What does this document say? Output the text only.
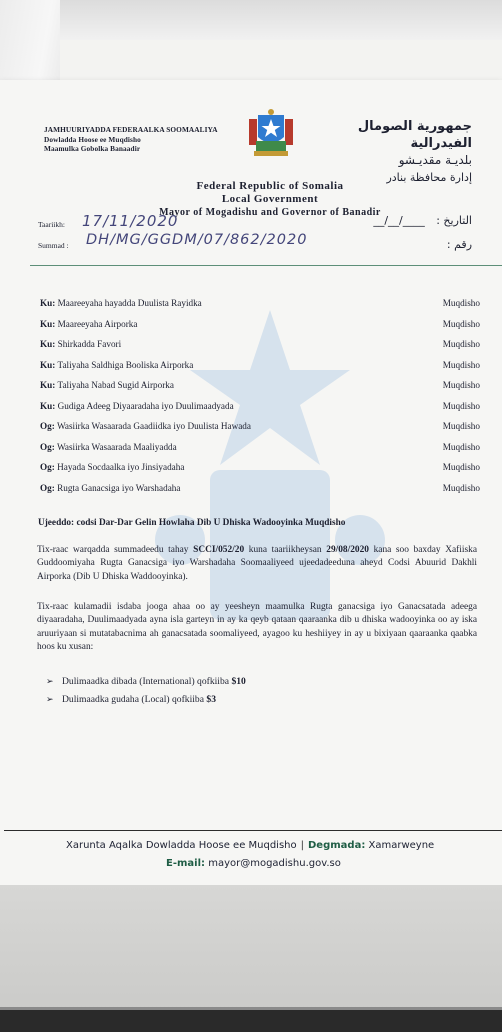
JAMHUURIYADDA FEDERAALKA SOOMAALIYA
Dowladda Hoose ee Muqdisho
Maamulka Gobolka Banaadir
جمهورية الصومال الفيدرالية
بلديـة مقديـشو
إدارة محافظة بنادر
Federal Republic of Somalia
Local Government
Mayor of Mogadishu and Governor of Banadir
Taariikh: 17/11/2020
Summad : DH/MG/GGDM/07/862/2020
التاريخ : __/__/____
رقم :
Ku: Maareeyaha hayadda Duulista Rayidka	Muqdisho
Ku: Maareeyaha Airporka	Muqdisho
Ku: Shirkadda Favori	Muqdisho
Ku: Taliyaha Saldhiga Booliska Airporka	Muqdisho
Ku: Taliyaha Nabad Sugid Airporka	Muqdisho
Ku: Gudiga Adeeg Diyaaradaha iyo Duulimaadyada	Muqdisho
Og: Wasiirka Wasaarada Gaadiidka iyo Duulista Hawada	Muqdisho
Og: Wasiirka Wasaarada Maaliyadda	Muqdisho
Og: Hayada Socdaalka iyo Jinsiyadaha	Muqdisho
Og: Rugta Ganacsiga iyo Warshadaha	Muqdisho
Ujeeddo: codsi Dar-Dar Gelin Howlaha Dib U Dhiska Wadooyinka Muqdisho
Tix-raac warqadda summadeedu tahay SCCI/052/20 kuna taariikheysan 29/08/2020 kana soo baxday Xafiiska Guddoomiyaha Rugta Ganacsiga iyo Warshadaha Soomaaliyeed ujeedadeeduna aheyd Codsi Abuurid Dakhli Airporka (Dib U Dhiska Waddooyinka).
Tix-raac kulamadii isdaba jooga ahaa oo ay yeesheyn maamulka Rugta ganacsiga iyo Ganacsatada adeega diyaaradaha, Duulimaadyada ayna isla garteyn in ay ka qeyb qataan qaaraanka dib u dhiska wadooyinka oo ay iska aruuriyaan si mutatabacnima ah ganacsatada soomaliyeed, ayagoo ku heshiiyey in ay u bixiyaan qaaraanka qaabka hoos ku xusan:
➢ Dulimaadka dibada (International) qofkiiba $10
➢ Dulimaadka gudaha (Local) qofkiiba $3
Xarunta Aqalka Dowladda Hoose ee Muqdisho | Degmada: Xamarweyne
E-mail: mayor@mogadishu.gov.so
